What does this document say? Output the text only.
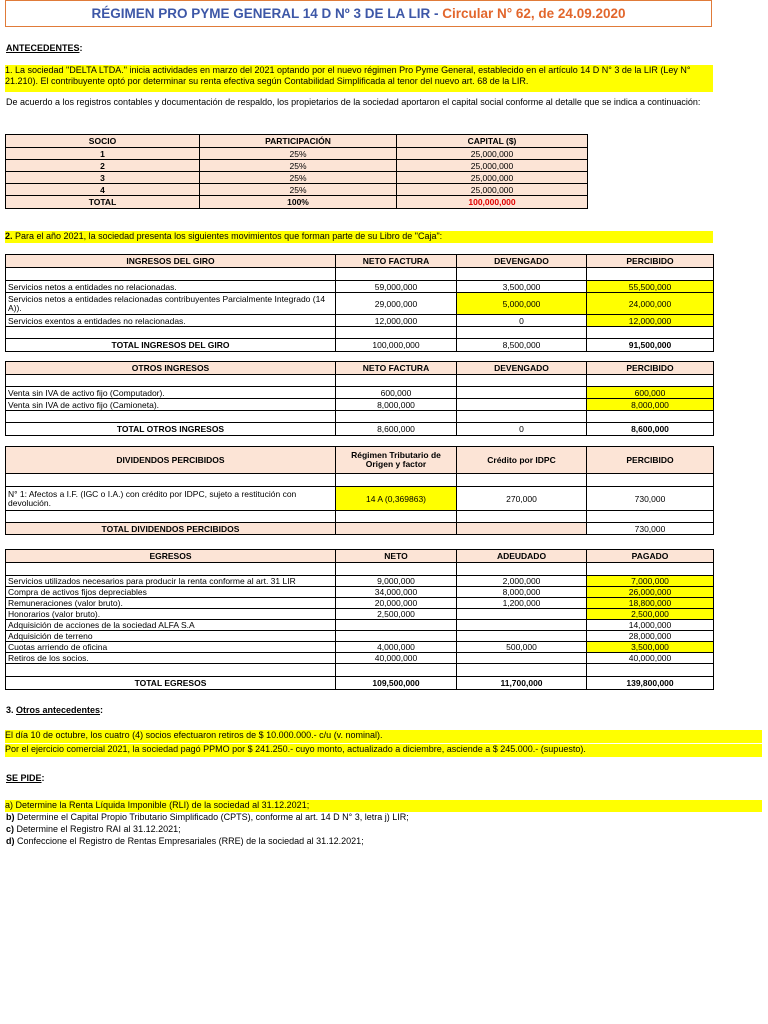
RÉGIMEN PRO PYME GENERAL 14 D Nº 3 DE LA LIR - Circular N° 62, de 24.09.2020
ANTECEDENTES:
1. La sociedad "DELTA LTDA." inicia actividades en marzo del 2021 optando por el nuevo régimen Pro Pyme General, establecido en el artículo 14 D N° 3 de la LIR (Ley N° 21.210). El contribuyente optó por determinar su renta efectiva según Contabilidad Simplificada al tenor del nuevo art. 68 de la LIR.
De acuerdo a los registros contables y documentación de respaldo, los propietarios de la sociedad aportaron el capital social conforme al detalle que se indica a continuación:
SOCIO	PARTICIPACIÓN	CAPITAL ($)
1	25%	25,000,000
2	25%	25,000,000
3	25%	25,000,000
4	25%	25,000,000
TOTAL	100%	100,000,000
2. Para el año 2021, la sociedad presenta los siguientes movimientos que forman parte de su Libro de "Caja":
INGRESOS DEL GIRO	NETO FACTURA	DEVENGADO	PERCIBIDO

Servicios netos a entidades no relacionadas.	59,000,000	3,500,000	55,500,000
Servicios netos a entidades relacionadas contribuyentes Parcialmente Integrado (14 A)).	29,000,000	5,000,000	24,000,000
Servicios exentos a entidades no relacionadas.	12,000,000	0	12,000,000

TOTAL INGRESOS DEL GIRO	100,000,000	8,500,000	91,500,000
OTROS INGRESOS	NETO FACTURA	DEVENGADO	PERCIBIDO

Venta sin IVA de activo fijo (Computador).	600,000		600,000
Venta sin IVA de activo fijo (Camioneta).	8,000,000		8,000,000

TOTAL OTROS INGRESOS	8,600,000	0	8,600,000
DIVIDENDOS PERCIBIDOS	Régimen Tributario de Origen y factor	Crédito por IDPC	PERCIBIDO

N° 1: Afectos a I.F. (IGC o I.A.) con crédito por IDPC, sujeto a restitución con devolución.	14 A (0,369863)	270,000	730,000

TOTAL DIVIDENDOS PERCIBIDOS			730,000
EGRESOS	NETO	ADEUDADO	PAGADO

Servicios utilizados necesarios para producir la renta conforme al art. 31 LIR	9,000,000	2,000,000	7,000,000
Compra de activos fijos depreciables	34,000,000	8,000,000	26,000,000
Remuneraciones (valor bruto).	20,000,000	1,200,000	18,800,000
Honorarios (valor bruto).	2,500,000		2,500,000
Adquisición de acciones de la sociedad ALFA S.A			14,000,000
Adquisición de terreno			28,000,000
Cuotas arriendo de oficina	4,000,000	500,000	3,500,000
Retiros de los socios.	40,000,000		40,000,000

TOTAL EGRESOS	109,500,000	11,700,000	139,800,000
3. Otros antecedentes:
El día 10 de octubre, los cuatro (4) socios efectuaron retiros de $ 10.000.000.- c/u (v. nominal).
Por el ejercicio comercial 2021, la sociedad pagó PPMO por $ 241.250.- cuyo monto, actualizado a diciembre, asciende a $ 245.000.- (supuesto).
SE PIDE:
a) Determine la Renta Líquida Imponible (RLI) de la sociedad al 31.12.2021;
b) Determine el Capital Propio Tributario Simplificado (CPTS), conforme al art. 14 D N° 3, letra j) LIR;
c) Determine el Registro RAI al 31.12.2021;
d) Confeccione el Registro de Rentas Empresariales (RRE) de la sociedad al 31.12.2021;
